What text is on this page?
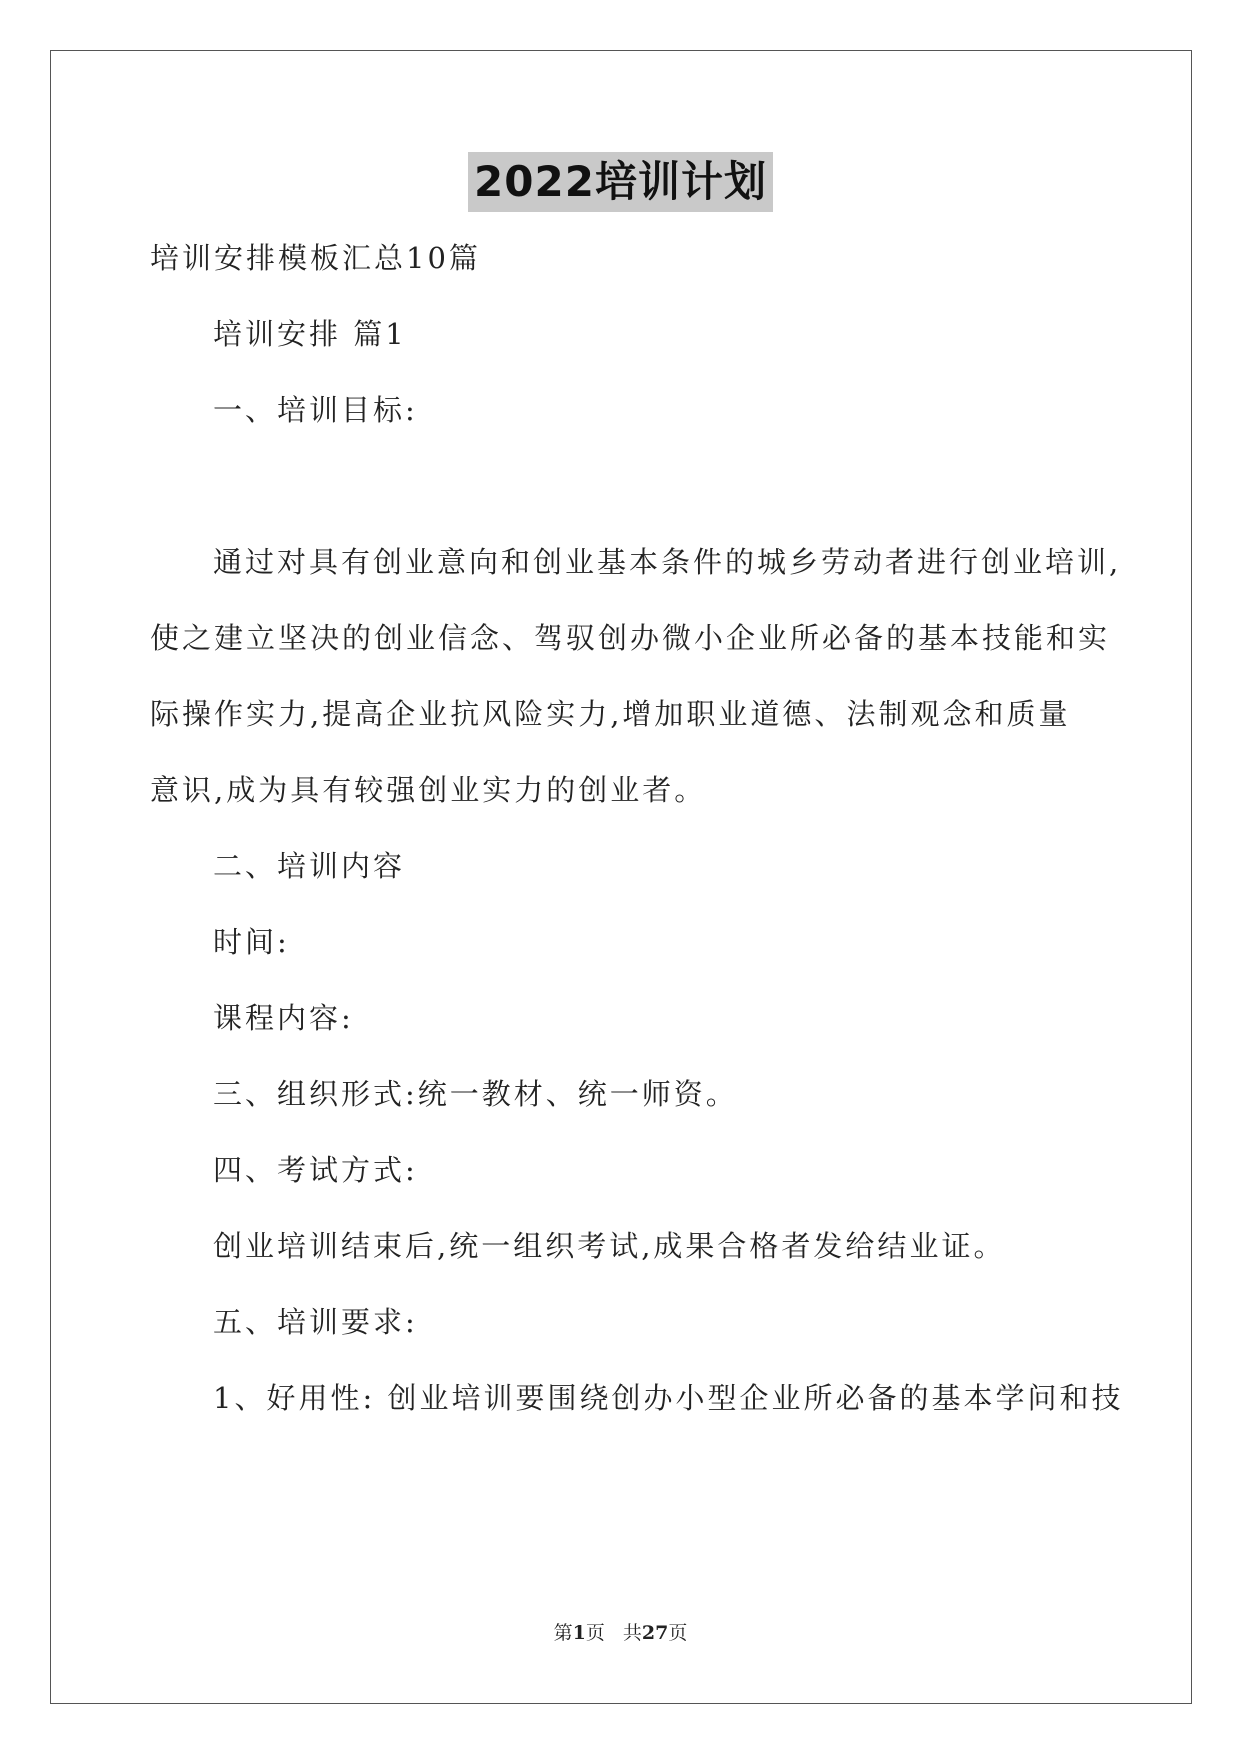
2022培训计划
培训安排模板汇总10篇
培训安排 篇1
一、培训目标:
通过对具有创业意向和创业基本条件的城乡劳动者进行创业培训,
使之建立坚决的创业信念、驾驭创办微小企业所必备的基本技能和实
际操作实力,提高企业抗风险实力,增加职业道德、法制观念和质量
意识,成为具有较强创业实力的创业者。
二、培训内容
时间:
课程内容:
三、组织形式:统一教材、统一师资。
四、考试方式:
创业培训结束后,统一组织考试,成果合格者发给结业证。
五、培训要求:
1、好用性: 创业培训要围绕创办小型企业所必备的基本学问和技
第1页 共27页
